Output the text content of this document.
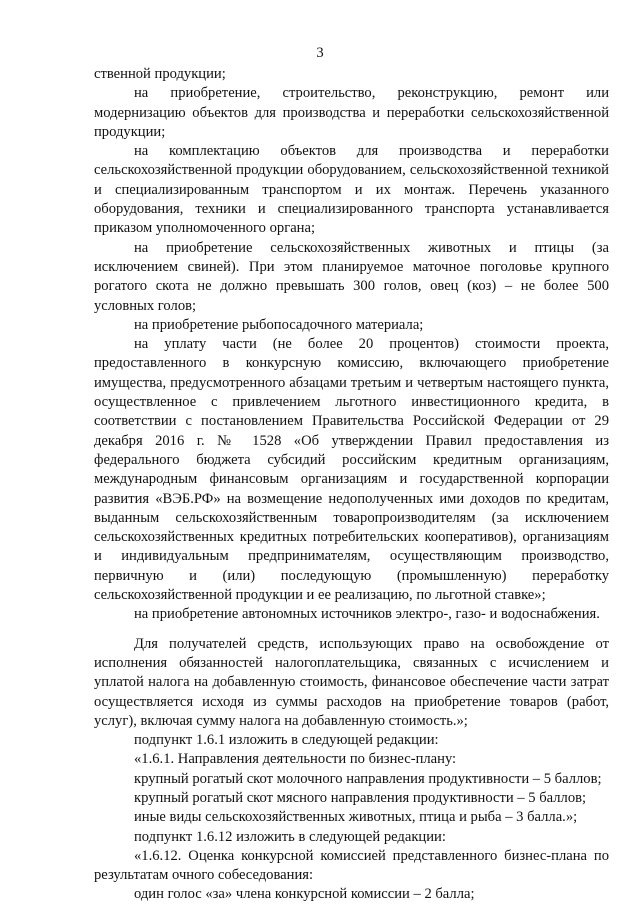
3

ственной продукции;

на приобретение, строительство, реконструкцию, ремонт или модернизацию объектов для производства и переработки сельскохозяйственной продукции;

на комплектацию объектов для производства и переработки сельскохозяйственной продукции оборудованием, сельскохозяйственной техникой и специализированным транспортом и их монтаж. Перечень указанного оборудования, техники и специализированного транспорта устанавливается приказом уполномоченного органа;

на приобретение сельскохозяйственных животных и птицы (за исключением свиней). При этом планируемое маточное поголовье крупного рогатого скота не должно превышать 300 голов, овец (коз) – не более 500 условных голов;

на приобретение рыбопосадочного материала;

на уплату части (не более 20 процентов) стоимости проекта, предоставленного в конкурсную комиссию, включающего приобретение имущества, предусмотренного абзацами третьим и четвертым настоящего пункта, осуществленное с привлечением льготного инвестиционного кредита, в соответствии с постановлением Правительства Российской Федерации от 29 декабря 2016 г. № 1528 «Об утверждении Правил предоставления из федерального бюджета субсидий российским кредитным организациям, международным финансовым организациям и государственной корпорации развития «ВЭБ.РФ» на возмещение недополученных ими доходов по кредитам, выданным сельскохозяйственным товаропроизводителям (за исключением сельскохозяйственных кредитных потребительских кооперативов), организациям и индивидуальным предпринимателям, осуществляющим производство, первичную и (или) последующую (промышленную) переработку сельскохозяйственной продукции и ее реализацию, по льготной ставке»;

на приобретение автономных источников электро-, газо- и водоснабжения.

Для получателей средств, использующих право на освобождение от исполнения обязанностей налогоплательщика, связанных с исчислением и уплатой налога на добавленную стоимость, финансовое обеспечение части затрат осуществляется исходя из суммы расходов на приобретение товаров (работ, услуг), включая сумму налога на добавленную стоимость.»;

подпункт 1.6.1 изложить в следующей редакции:

«1.6.1. Направления деятельности по бизнес-плану:

крупный рогатый скот молочного направления продуктивности – 5 баллов;

крупный рогатый скот мясного направления продуктивности – 5 баллов;

иные виды сельскохозяйственных животных, птица и рыба – 3 балла.»;

подпункт 1.6.12 изложить в следующей редакции:

«1.6.12. Оценка конкурсной комиссией представленного бизнес-плана по результатам очного собеседования:

один голос «за» члена конкурсной комиссии – 2 балла;
